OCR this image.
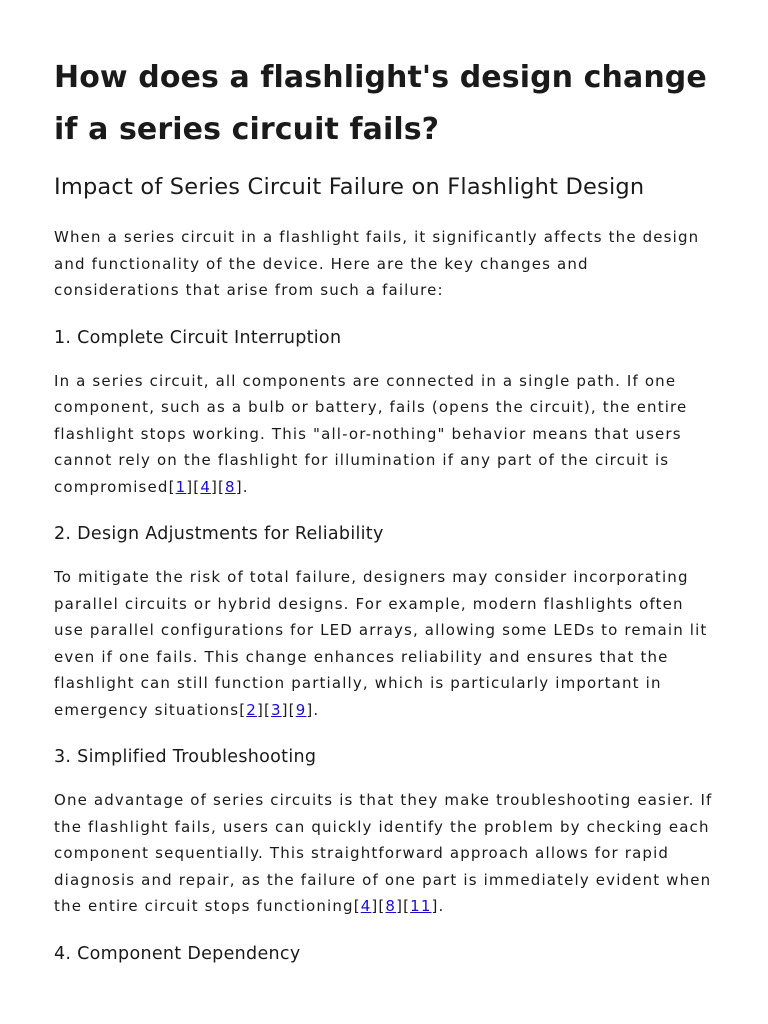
How does a flashlight's design change if a series circuit fails?
Impact of Series Circuit Failure on Flashlight Design

When a series circuit in a flashlight fails, it significantly affects the design and functionality of the device. Here are the key changes and considerations that arise from such a failure:

1. Complete Circuit Interruption

In a series circuit, all components are connected in a single path. If one component, such as a bulb or battery, fails (opens the circuit), the entire flashlight stops working. This "all-or-nothing" behavior means that users cannot rely on the flashlight for illumination if any part of the circuit is compromised[1][4][8].

2. Design Adjustments for Reliability

To mitigate the risk of total failure, designers may consider incorporating parallel circuits or hybrid designs. For example, modern flashlights often use parallel configurations for LED arrays, allowing some LEDs to remain lit even if one fails. This change enhances reliability and ensures that the flashlight can still function partially, which is particularly important in emergency situations[2][3][9].

3. Simplified Troubleshooting

One advantage of series circuits is that they make troubleshooting easier. If the flashlight fails, users can quickly identify the problem by checking each component sequentially. This straightforward approach allows for rapid diagnosis and repair, as the failure of one part is immediately evident when the entire circuit stops functioning[4][8][11].

4. Component Dependency
